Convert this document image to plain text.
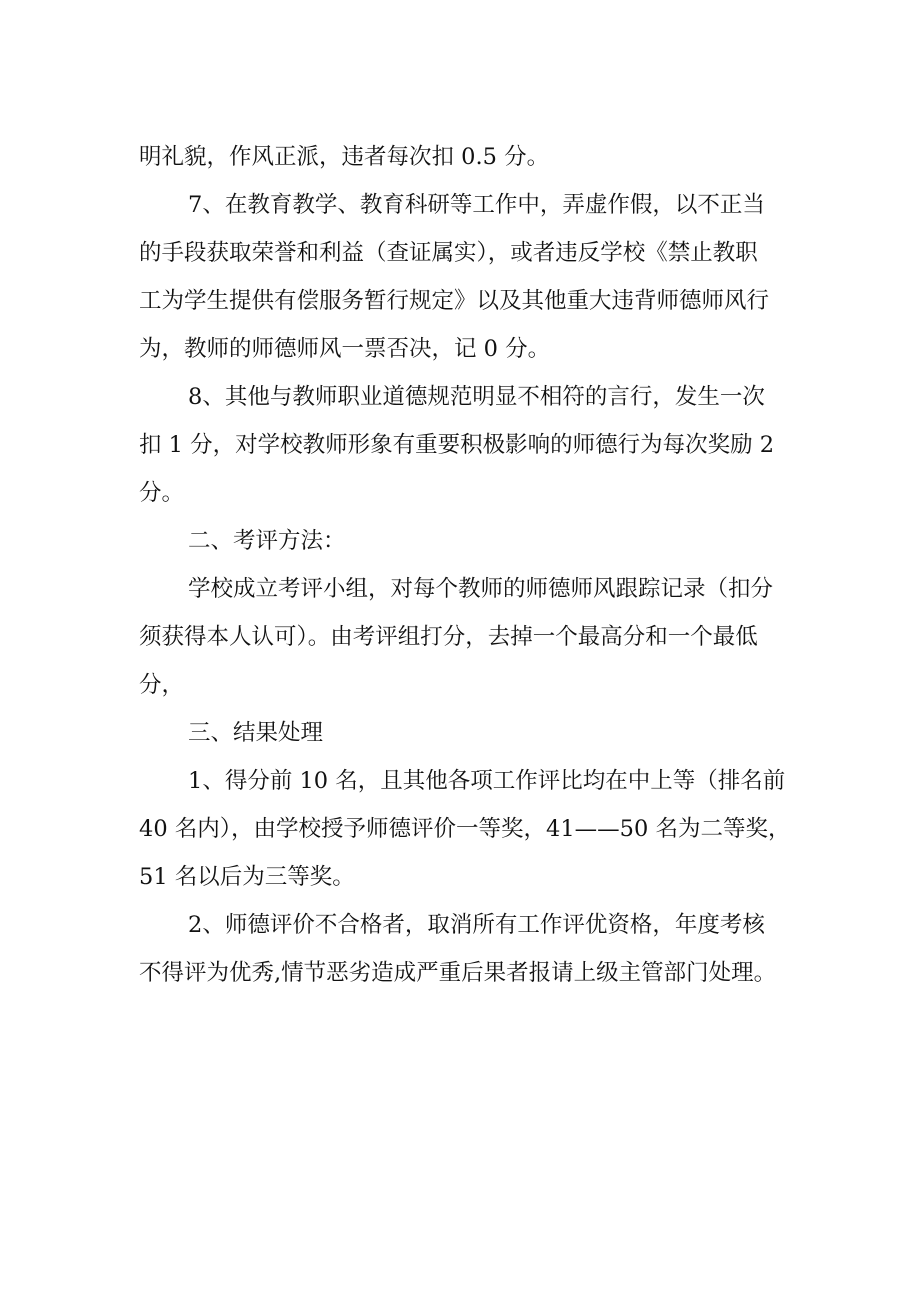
明礼貌，作风正派，违者每次扣 0.5 分。
7、在教育教学、教育科研等工作中，弄虚作假，以不正当
的手段获取荣誉和利益（查证属实），或者违反学校《禁止教职
工为学生提供有偿服务暂行规定》以及其他重大违背师德师风行
为，教师的师德师风一票否决，记 0 分。
8、其他与教师职业道德规范明显不相符的言行，发生一次
扣 1 分，对学校教师形象有重要积极影响的师德行为每次奖励 2
分。
二、考评方法：
学校成立考评小组，对每个教师的师德师风跟踪记录（扣分
须获得本人认可）。由考评组打分，去掉一个最高分和一个最低
分，
三、结果处理
1、得分前 10 名，且其他各项工作评比均在中上等（排名前
40 名内），由学校授予师德评价一等奖，41——50 名为二等奖，
51 名以后为三等奖。
2、师德评价不合格者，取消所有工作评优资格，年度考核
不得评为优秀,情节恶劣造成严重后果者报请上级主管部门处理。
